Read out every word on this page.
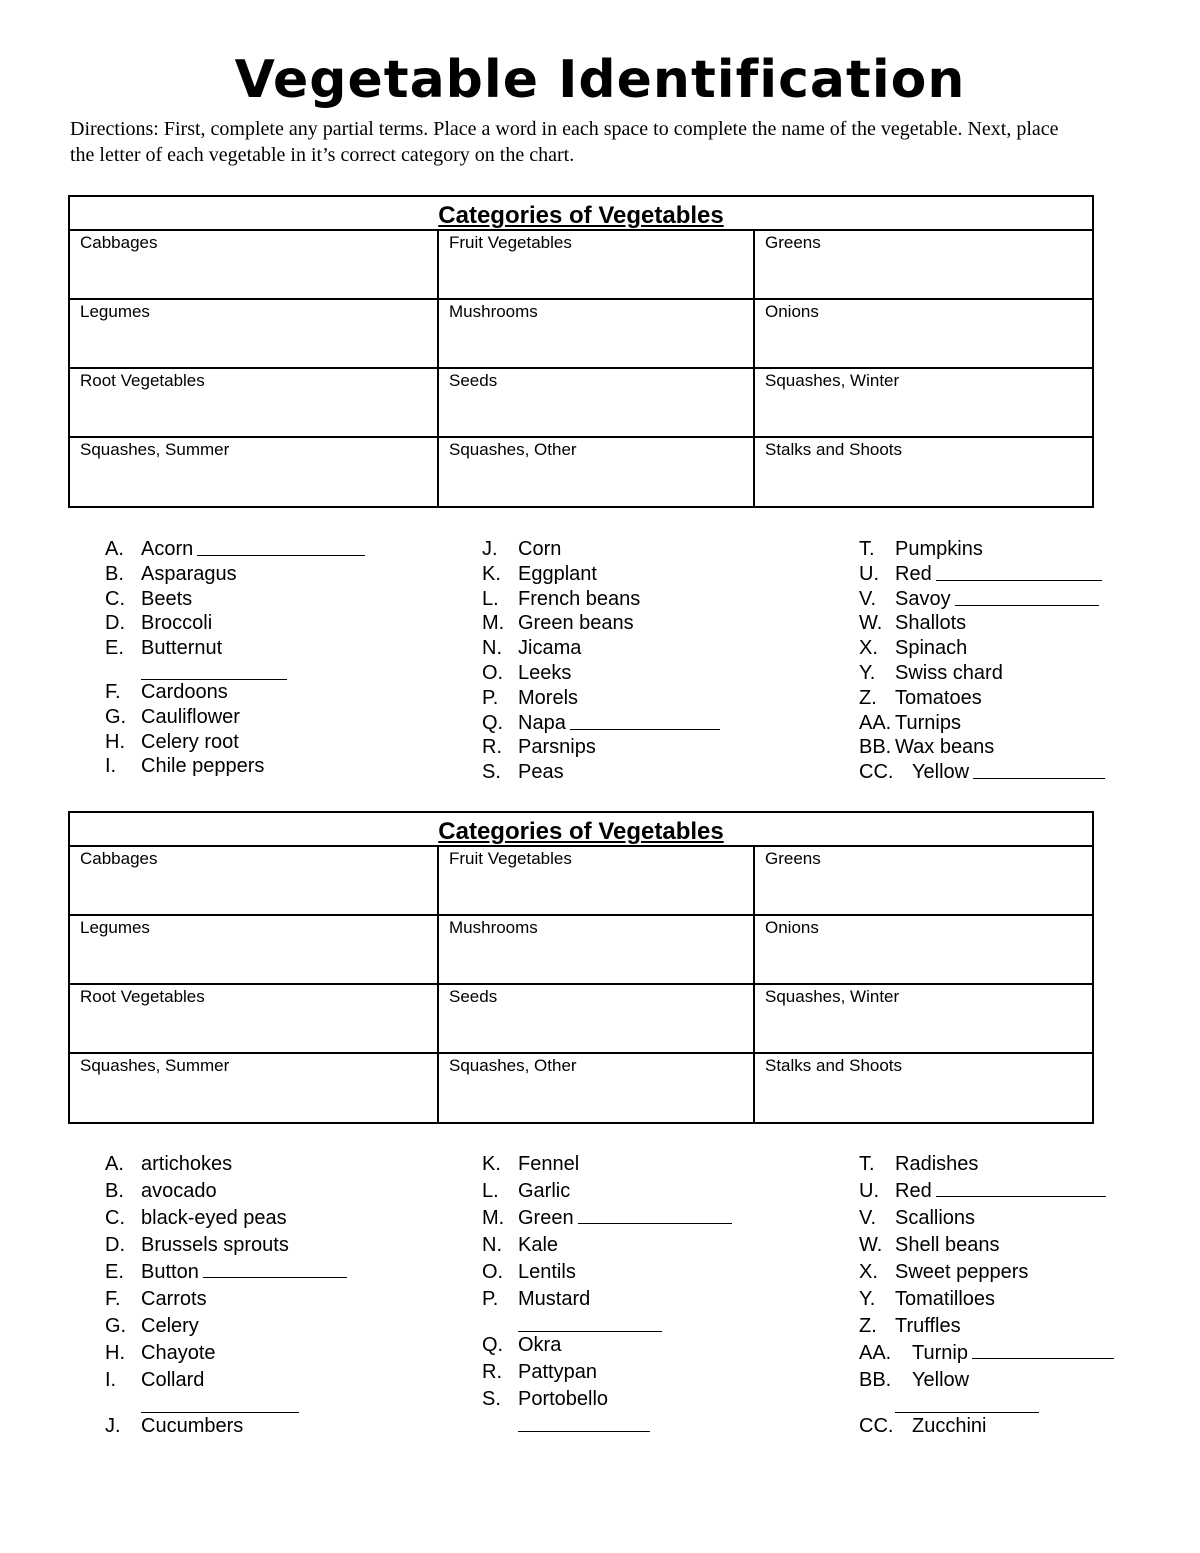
Vegetable Identification
Directions: First, complete any partial terms. Place a word in each space to complete the name of the vegetable. Next, place the letter of each vegetable in it’s correct category on the chart.
Categories of Vegetables
Cabbages	Fruit Vegetables	Greens
Legumes	Mushrooms	Onions
Root Vegetables	Seeds	Squashes, Winter
Squashes, Summer	Squashes, Other	Stalks and Shoots
A. Acorn
B. Asparagus
C. Beets
D. Broccoli
E. Butternut
F.	Cardoons
G. Cauliflower
H. Celery root
I.	Chile peppers
J.	Corn
K. Eggplant
L. French beans
M. Green beans
N. Jicama
O. Leeks
P. Morels
Q. Napa
R. Parsnips
S. Peas
T.	Pumpkins
U. Red
V. Savoy
W. Shallots
X. Spinach
Y. Swiss chard
Z. Tomatoes
AA. Turnips
BB. Wax beans
CC. Yellow
Categories of Vegetables
Cabbages	Fruit Vegetables	Greens
Legumes	Mushrooms	Onions
Root Vegetables	Seeds	Squashes, Winter
Squashes, Summer	Squashes, Other	Stalks and Shoots
A. artichokes
B. avocado
C. black-eyed peas
D. Brussels sprouts
E. Button
F.	Carrots
G. Celery
H. Chayote
I.	Collard
J.	Cucumbers
K. Fennel
L. Garlic
M. Green
N. Kale
O. Lentils
P. Mustard
Q. Okra
R. Pattypan
S. Portobello
T.	Radishes
U. Red
V. Scallions
W. Shell beans
X. Sweet peppers
Y. Tomatilloes
Z. Truffles
AA.	Turnip
BB.	Yellow
CC. Zucchini
